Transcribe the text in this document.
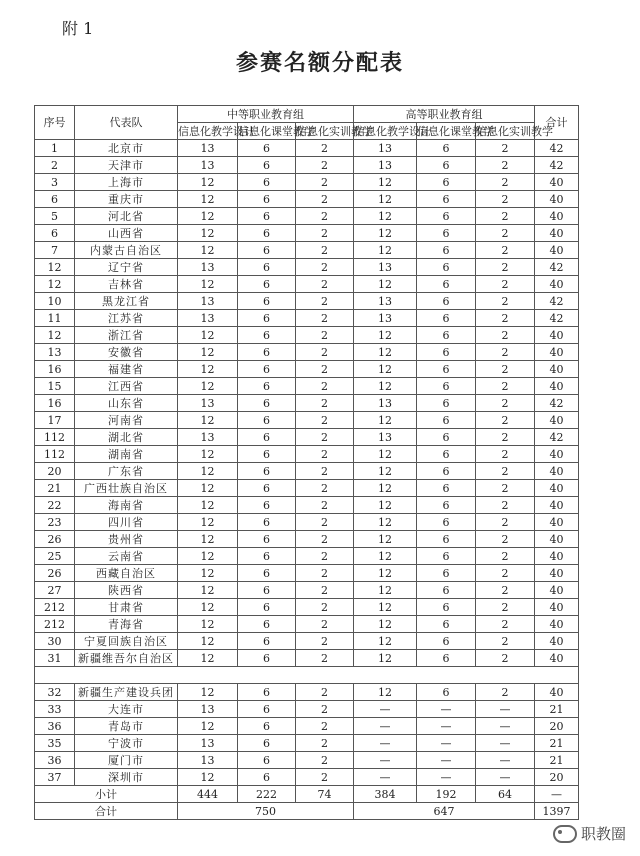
附 1
参赛名额分配表
序号	代表队	中等职业教育组			高等职业教育组			合计
		信息化教学设计	信息化课堂教学	信息化实训教学	信息化教学设计	信息化课堂教学	信息化实训教学	
1	北京市	13	6	2	13	6	2	42
2	天津市	13	6	2	13	6	2	42
3	上海市	12	6	2	12	6	2	40
6	重庆市	12	6	2	12	6	2	40
5	河北省	12	6	2	12	6	2	40
6	山西省	12	6	2	12	6	2	40
7	内蒙古自治区	12	6	2	12	6	2	40
12	辽宁省	13	6	2	13	6	2	42
12	吉林省	12	6	2	12	6	2	40
10	黑龙江省	13	6	2	13	6	2	42
11	江苏省	13	6	2	13	6	2	42
12	浙江省	12	6	2	12	6	2	40
13	安徽省	12	6	2	12	6	2	40
16	福建省	12	6	2	12	6	2	40
15	江西省	12	6	2	12	6	2	40
16	山东省	13	6	2	13	6	2	42
17	河南省	12	6	2	12	6	2	40
112	湖北省	13	6	2	13	6	2	42
112	湖南省	12	6	2	12	6	2	40
20	广东省	12	6	2	12	6	2	40
21	广西壮族自治区	12	6	2	12	6	2	40
22	海南省	12	6	2	12	6	2	40
23	四川省	12	6	2	12	6	2	40
26	贵州省	12	6	2	12	6	2	40
25	云南省	12	6	2	12	6	2	40
26	西藏自治区	12	6	2	12	6	2	40
27	陕西省	12	6	2	12	6	2	40
212	甘肃省	12	6	2	12	6	2	40
212	青海省	12	6	2	12	6	2	40
30	宁夏回族自治区	12	6	2	12	6	2	40
31	新疆维吾尔自治区	12	6	2	12	6	2	40

32	新疆生产建设兵团	12	6	2	12	6	2	40
33	大连市	13	6	2	—	—	—	21
36	青岛市	12	6	2	—	—	—	20
35	宁波市	13	6	2	—	—	—	21
36	厦门市	13	6	2	—	—	—	21
37	深圳市	12	6	2	—	—	—	20
小计		444	222	74	384	192	64	—
合计		750			647			1397
职教圈
